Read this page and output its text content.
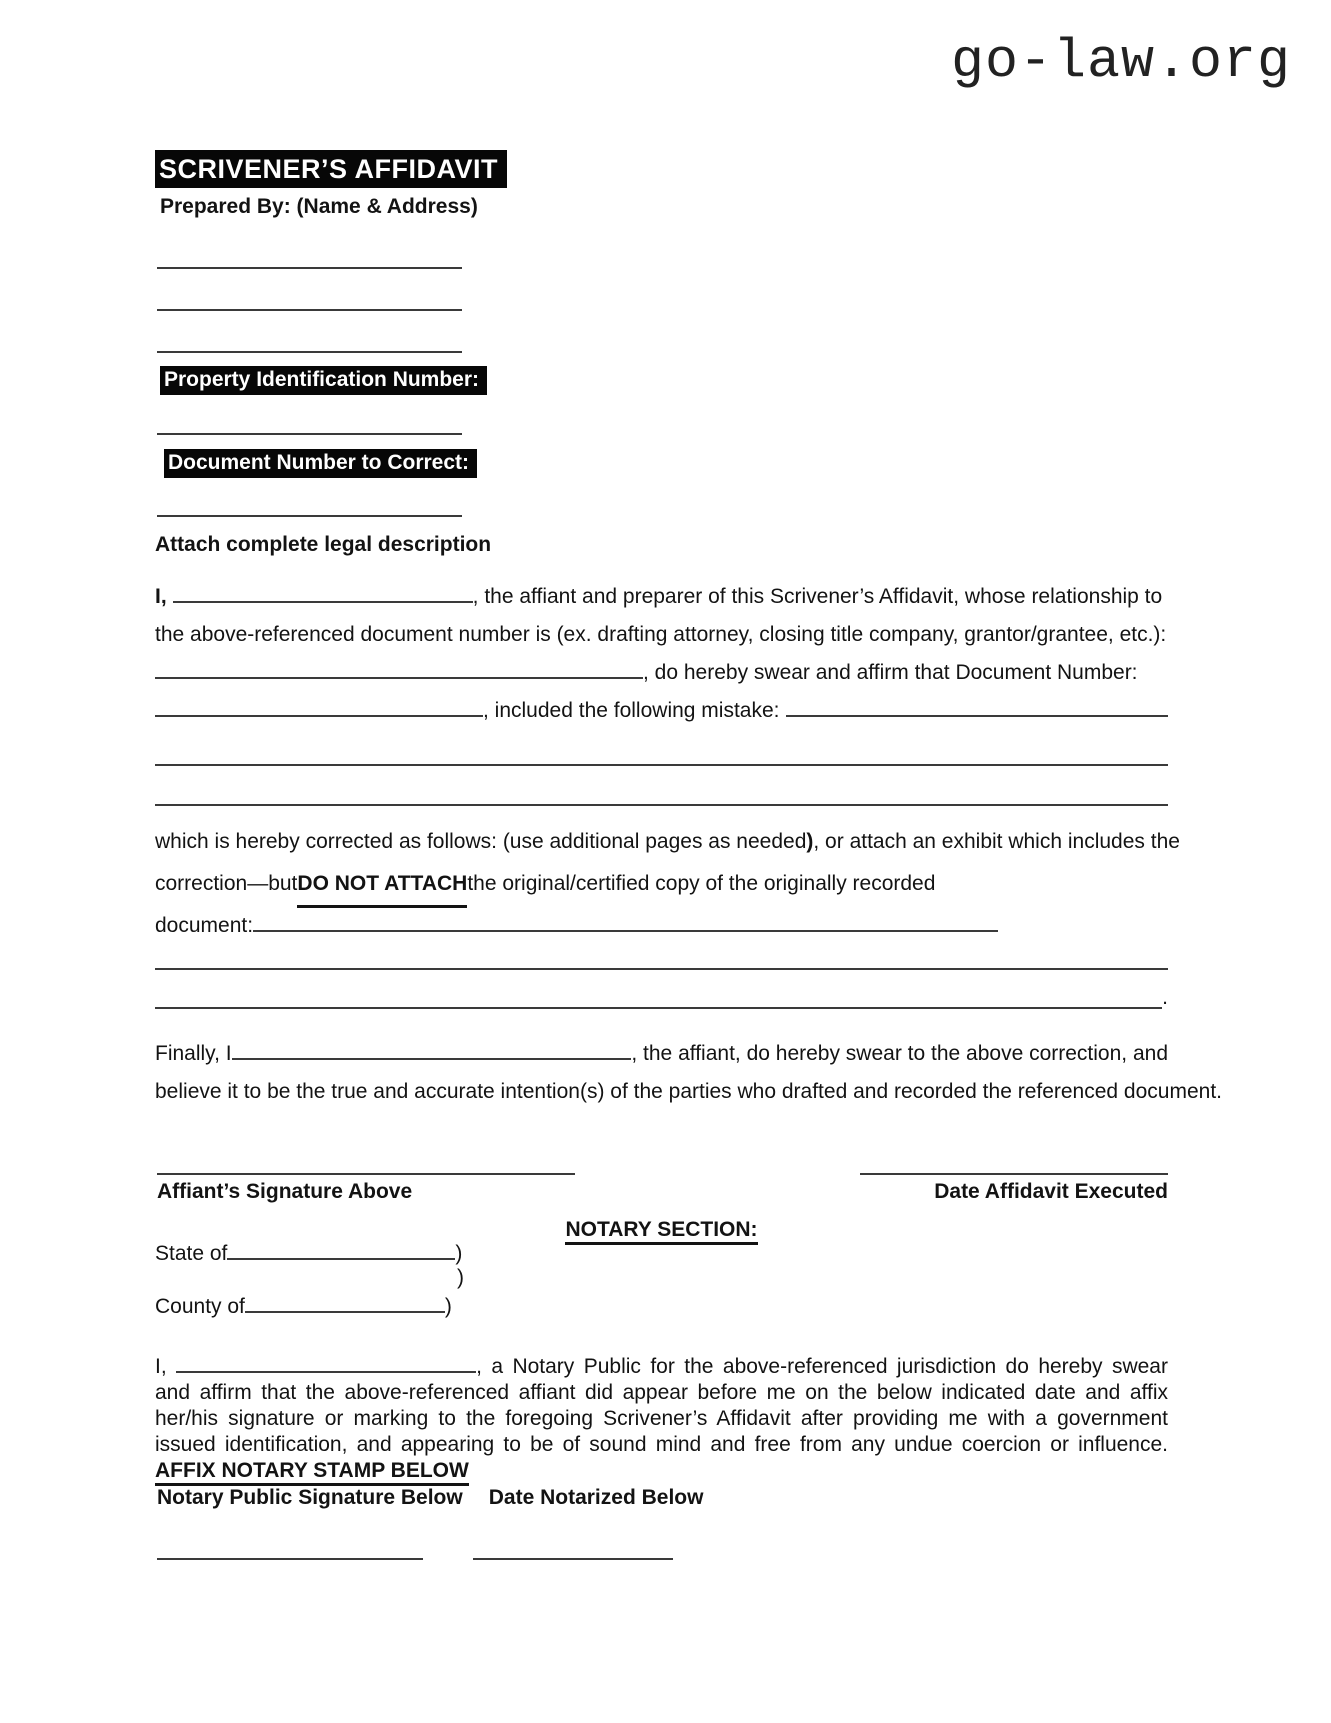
go-law.org
SCRIVENER’S AFFIDAVIT
Prepared By: (Name & Address)
Property Identification Number:
Document Number to Correct:
Attach complete legal description
I,	, the affiant and preparer of this Scrivener’s Affidavit, whose relationship to
the above-referenced document number is (ex. drafting attorney, closing title company, grantor/grantee, etc.):
, do hereby swear and affirm that Document Number:
, included the following mistake:
which is hereby corrected as follows: (use additional pages as needed ) , or attach an exhibit which includes the
correction—but DO NOT ATTACH the original/certified copy of the originally recorded
document:
.
Finally, I	, the affiant, do hereby swear to the above correction, and
believe it to be the true and accurate intention(s) of the parties who drafted and recorded the referenced document.
Affiant’s Signature Above	Date Affidavit Executed
NOTARY SECTION:
State of	)
)
County of	)
I,	, a Notary Public for the above-referenced jurisdiction do hereby swear and affirm that the above-referenced affiant did appear before me on the below indicated date and affix her/his signature or marking to the foregoing Scrivener’s Affidavit after providing me with a government issued identification, and appearing to be of sound mind and free from any undue coercion or influence. AFFIX NOTARY STAMP BELOW
Notary Public Signature Below Date Notarized Below
